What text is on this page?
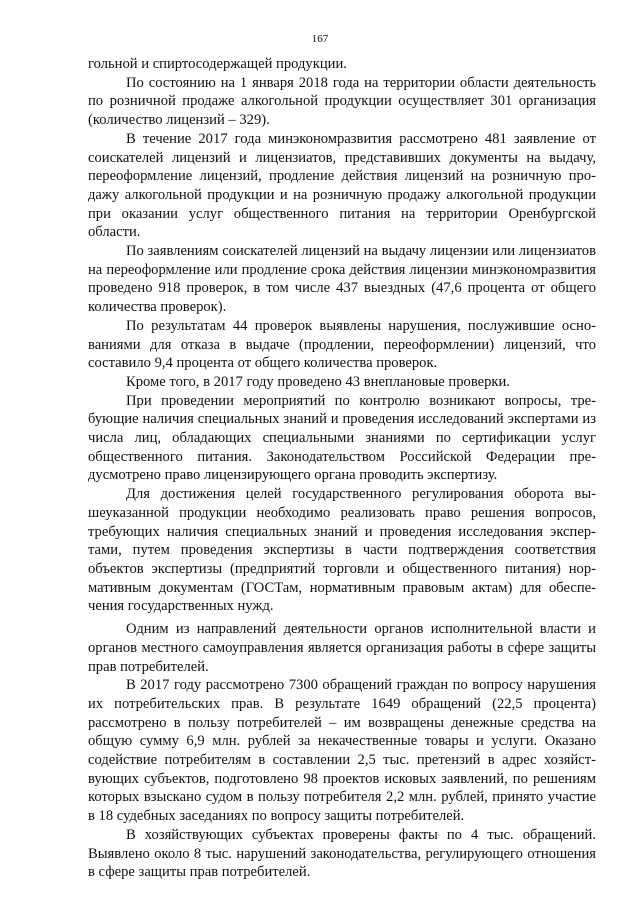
167

гольной и спиртосодержащей продукции.

По состоянию на 1 января 2018 года на территории области деятельность по розничной продаже алкогольной продукции осуществляет 301 организация (количество лицензий – 329).

В течение 2017 года минэкономразвития рассмотрено 481 заявление от соискателей лицензий и лицензиатов, представивших документы на выдачу, переоформление лицензий, продление действия лицензий на розничную продажу алкогольной продукции и на розничную продажу алкогольной продукции при оказании услуг общественного питания на территории Оренбургской области.

По заявлениям соискателей лицензий на выдачу лицензии или лицензиатов на переоформление или продление срока действия лицензии минэкономразвития проведено 918 проверок, в том числе 437 выездных (47,6 процента от общего количества проверок).

По результатам 44 проверок выявлены нарушения, послужившие основаниями для отказа в выдаче (продлении, переоформлении) лицензий, что составило 9,4 процента от общего количества проверок.

Кроме того, в 2017 году проведено 43 внеплановые проверки.

При проведении мероприятий по контролю возникают вопросы, требующие наличия специальных знаний и проведения исследований экспертами из числа лиц, обладающих специальными знаниями по сертификации услуг общественного питания. Законодательством Российской Федерации предусмотрено право лицензирующего органа проводить экспертизу.

Для достижения целей государственного регулирования оборота вышеуказанной продукции необходимо реализовать право решения вопросов, требующих наличия специальных знаний и проведения исследования экспертами, путем проведения экспертизы в части подтверждения соответствия объектов экспертизы (предприятий торговли и общественного питания) нормативным документам (ГОСТам, нормативным правовым актам) для обеспечения государственных нужд.

Одним из направлений деятельности органов исполнительной власти и органов местного самоуправления является организация работы в сфере защиты прав потребителей.

В 2017 году рассмотрено 7300 обращений граждан по вопросу нарушения их потребительских прав. В результате 1649 обращений (22,5 процента) рассмотрено в пользу потребителей – им возвращены денежные средства на общую сумму 6,9 млн. рублей за некачественные товары и услуги. Оказано содействие потребителям в составлении 2,5 тыс. претензий в адрес хозяйствующих субъектов, подготовлено 98 проектов исковых заявлений, по решениям которых взыскано судом в пользу потребителя 2,2 млн. рублей, принято участие в 18 судебных заседаниях по вопросу защиты потребителей.

В хозяйствующих субъектах проверены факты по 4 тыс. обращений. Выявлено около 8 тыс. нарушений законодательства, регулирующего отношения в сфере защиты прав потребителей.
